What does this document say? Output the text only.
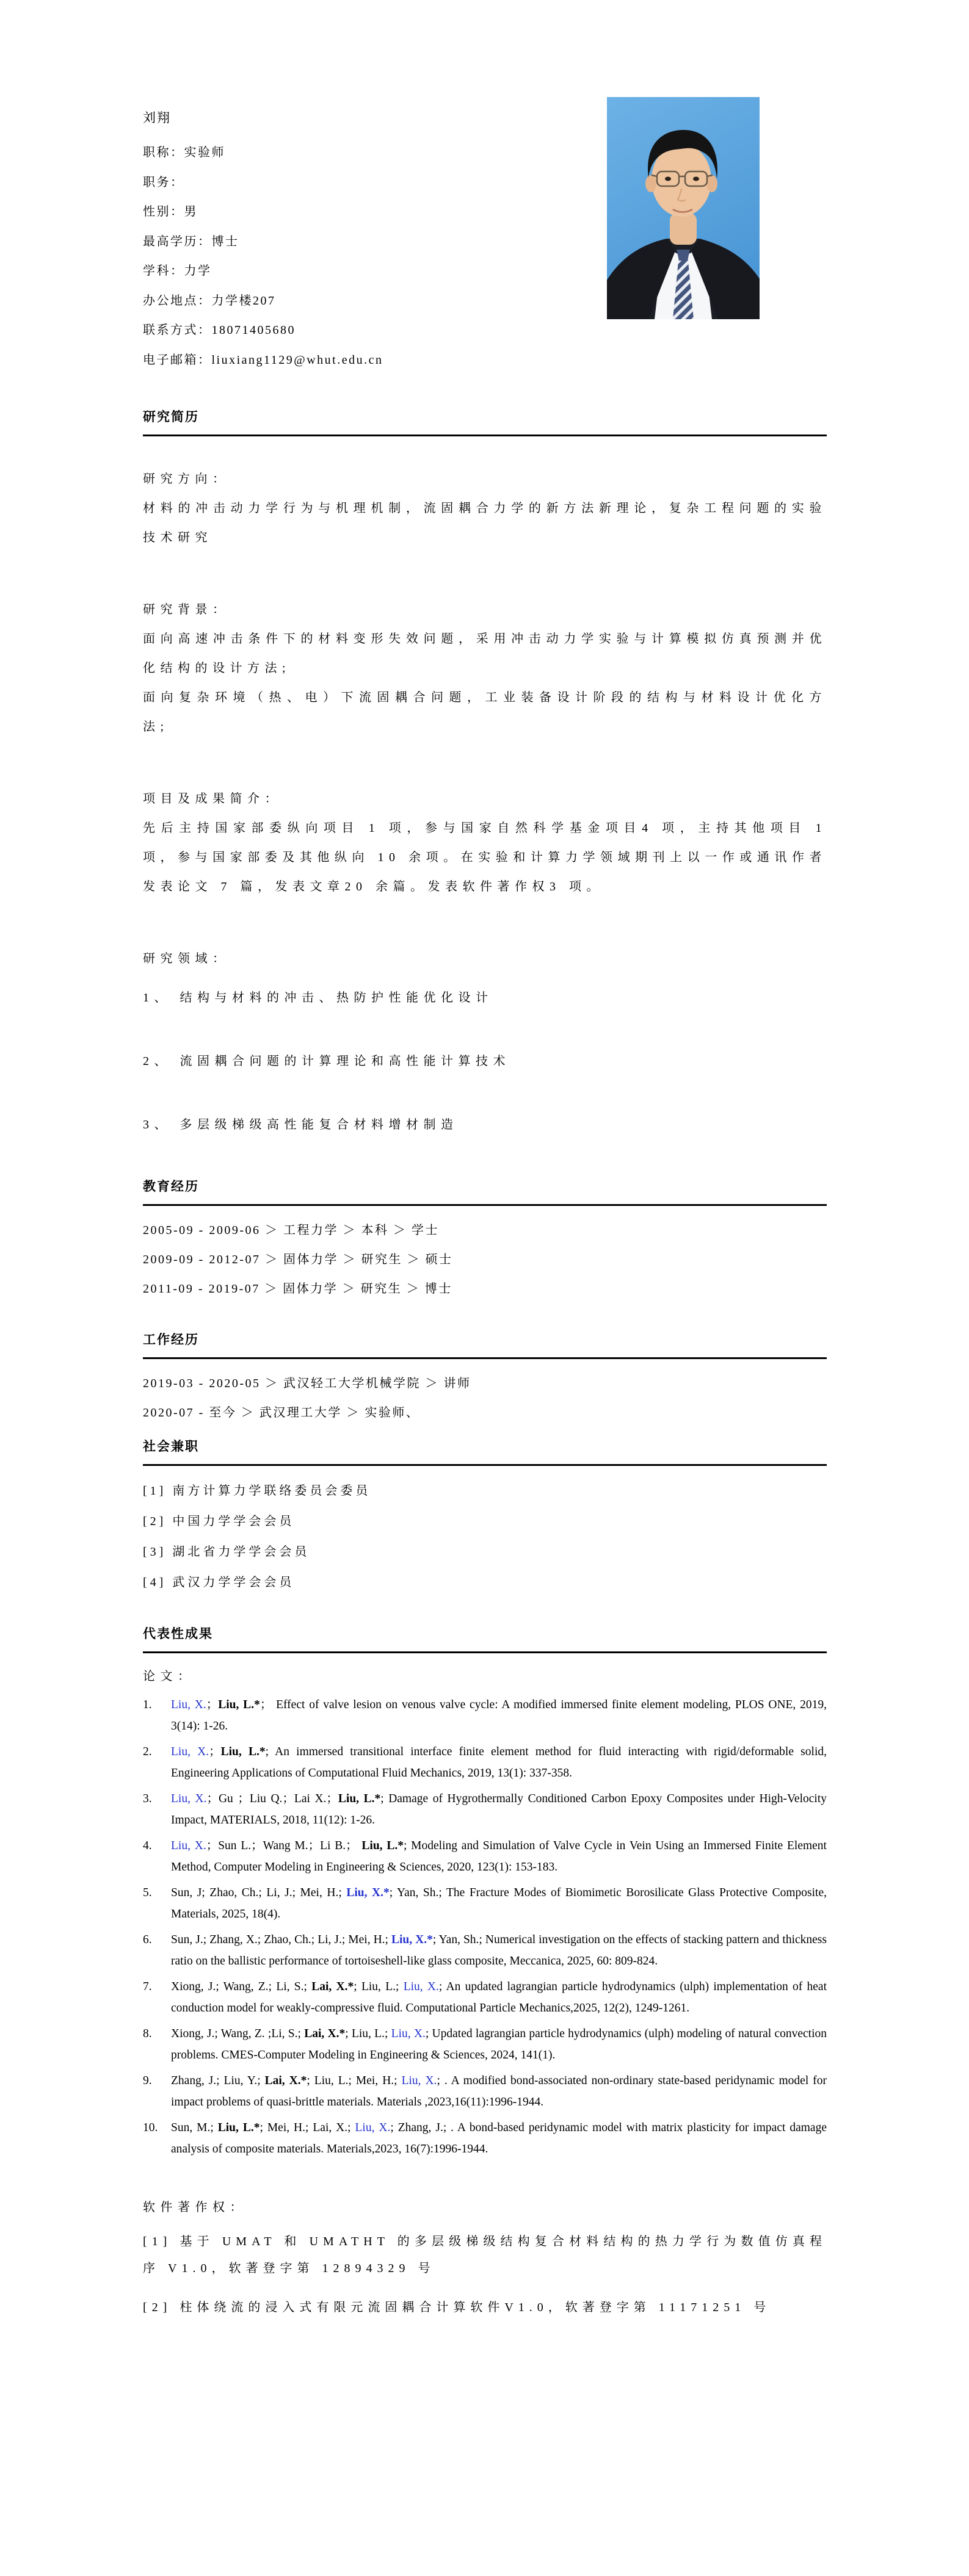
刘翔
职称：实验师
职务：
性别：男
最高学历：博士
学科：力学
办公地点：力学楼207
联系方式：18071405680
电子邮箱：liuxiang1129@whut.edu.cn
研究简历

研究方向：

材料的冲击动力学行为与机理机制，流固耦合力学的新方法新理论，复杂工程问题的实验技术研究

研究背景：

面向高速冲击条件下的材料变形失效问题，采用冲击动力学实验与计算模拟仿真预测并优化结构的设计方法;

面向复杂环境（热、电）下流固耦合问题，工业装备设计阶段的结构与材料设计优化方法;

项目及成果简介：

先后主持国家部委纵向项目 1 项，参与国家自然科学基金项目4 项，主持其他项目 1 项，参与国家部委及其他纵向 10 余项。在实验和计算力学领域期刊上以一作或通讯作者发表论文 7 篇，发表文章20 余篇。发表软件著作权3 项。

研究领域：

1、 结构与材料的冲击、热防护性能优化设计

2、 流固耦合问题的计算理论和高性能计算技术

3、 多层级梯级高性能复合材料增材制造

教育经历
2005-09 - 2009-06 ＞ 工程力学 ＞ 本科 ＞ 学士
2009-09 - 2012-07 ＞ 固体力学 ＞ 研究生 ＞ 硕士
2011-09 - 2019-07 ＞ 固体力学 ＞ 研究生 ＞ 博士
工作经历
2019-03 - 2020-05 ＞ 武汉轻工大学机械学院 ＞ 讲师
2020-07 - 至今 ＞ 武汉理工大学 ＞ 实验师、
社会兼职
[1] 南方计算力学联络委员会委员
[2] 中国力学学会会员
[3] 湖北省力学学会会员
[4] 武汉力学学会会员
代表性成果

论文：

1.	Liu, X.；Liu, L.*； Effect of valve lesion on venous valve cycle: A modified immersed finite element modeling, PLOS ONE, 2019, 3(14): 1-26.

2.	Liu, X.；Liu, L.*; An immersed transitional interface finite element method for fluid interacting with rigid/deformable solid, Engineering Applications of Computational Fluid Mechanics, 2019, 13(1): 337-358.

3.	Liu, X.；Gu ；Liu Q.；Lai X.；Liu, L.*; Damage of Hygrothermally Conditioned Carbon Epoxy Composites under High-Velocity Impact, MATERIALS, 2018, 11(12): 1-26.

4.	Liu, X.；Sun L.；Wang M.；Li B.； Liu, L.*; Modeling and Simulation of Valve Cycle in Vein Using an Immersed Finite Element Method, Computer Modeling in Engineering & Sciences, 2020, 123(1): 153-183.

5.	Sun, J; Zhao, Ch.; Li, J.; Mei, H.; Liu, X.*; Yan, Sh.; The Fracture Modes of Biomimetic Borosilicate Glass Protective Composite, Materials, 2025, 18(4).

6.	Sun, J.; Zhang, X.; Zhao, Ch.; Li, J.; Mei, H.; Liu, X.*; Yan, Sh.; Numerical investigation on the effects of stacking pattern and thickness ratio on the ballistic performance of tortoiseshell-like glass composite, Meccanica, 2025, 60: 809-824.

7.	Xiong, J.; Wang, Z.; Li, S.; Lai, X.*; Liu, L.; Liu, X.; An updated lagrangian particle hydrodynamics (ulph) implementation of heat conduction model for weakly-compressive fluid. Computational Particle Mechanics,2025, 12(2), 1249-1261.

8.	Xiong, J.; Wang, Z. ;Li, S.; Lai, X.*; Liu, L.; Liu, X.; Updated lagrangian particle hydrodynamics (ulph) modeling of natural convection problems. CMES-Computer Modeling in Engineering & Sciences, 2024, 141(1).

9.	Zhang, J.; Liu, Y.; Lai, X.*; Liu, L.; Mei, H.; Liu, X.; . A modified bond-associated non-ordinary state-based peridynamic model for impact problems of quasi-brittle materials. Materials ,2023,16(11):1996-1944.

10.	Sun, M.; Liu, L.*; Mei, H.; Lai, X.; Liu, X.; Zhang, J.; . A bond-based peridynamic model with matrix plasticity for impact damage analysis of composite materials. Materials,2023, 16(7):1996-1944.

软件著作权：

[1] 基于 UMAT 和 UMATHT 的多层级梯级结构复合材料结构的热力学行为数值仿真程序 V1.0，软著登字第 12894329 号

[2] 柱体绕流的浸入式有限元流固耦合计算软件V1.0，软著登字第 11171251 号
